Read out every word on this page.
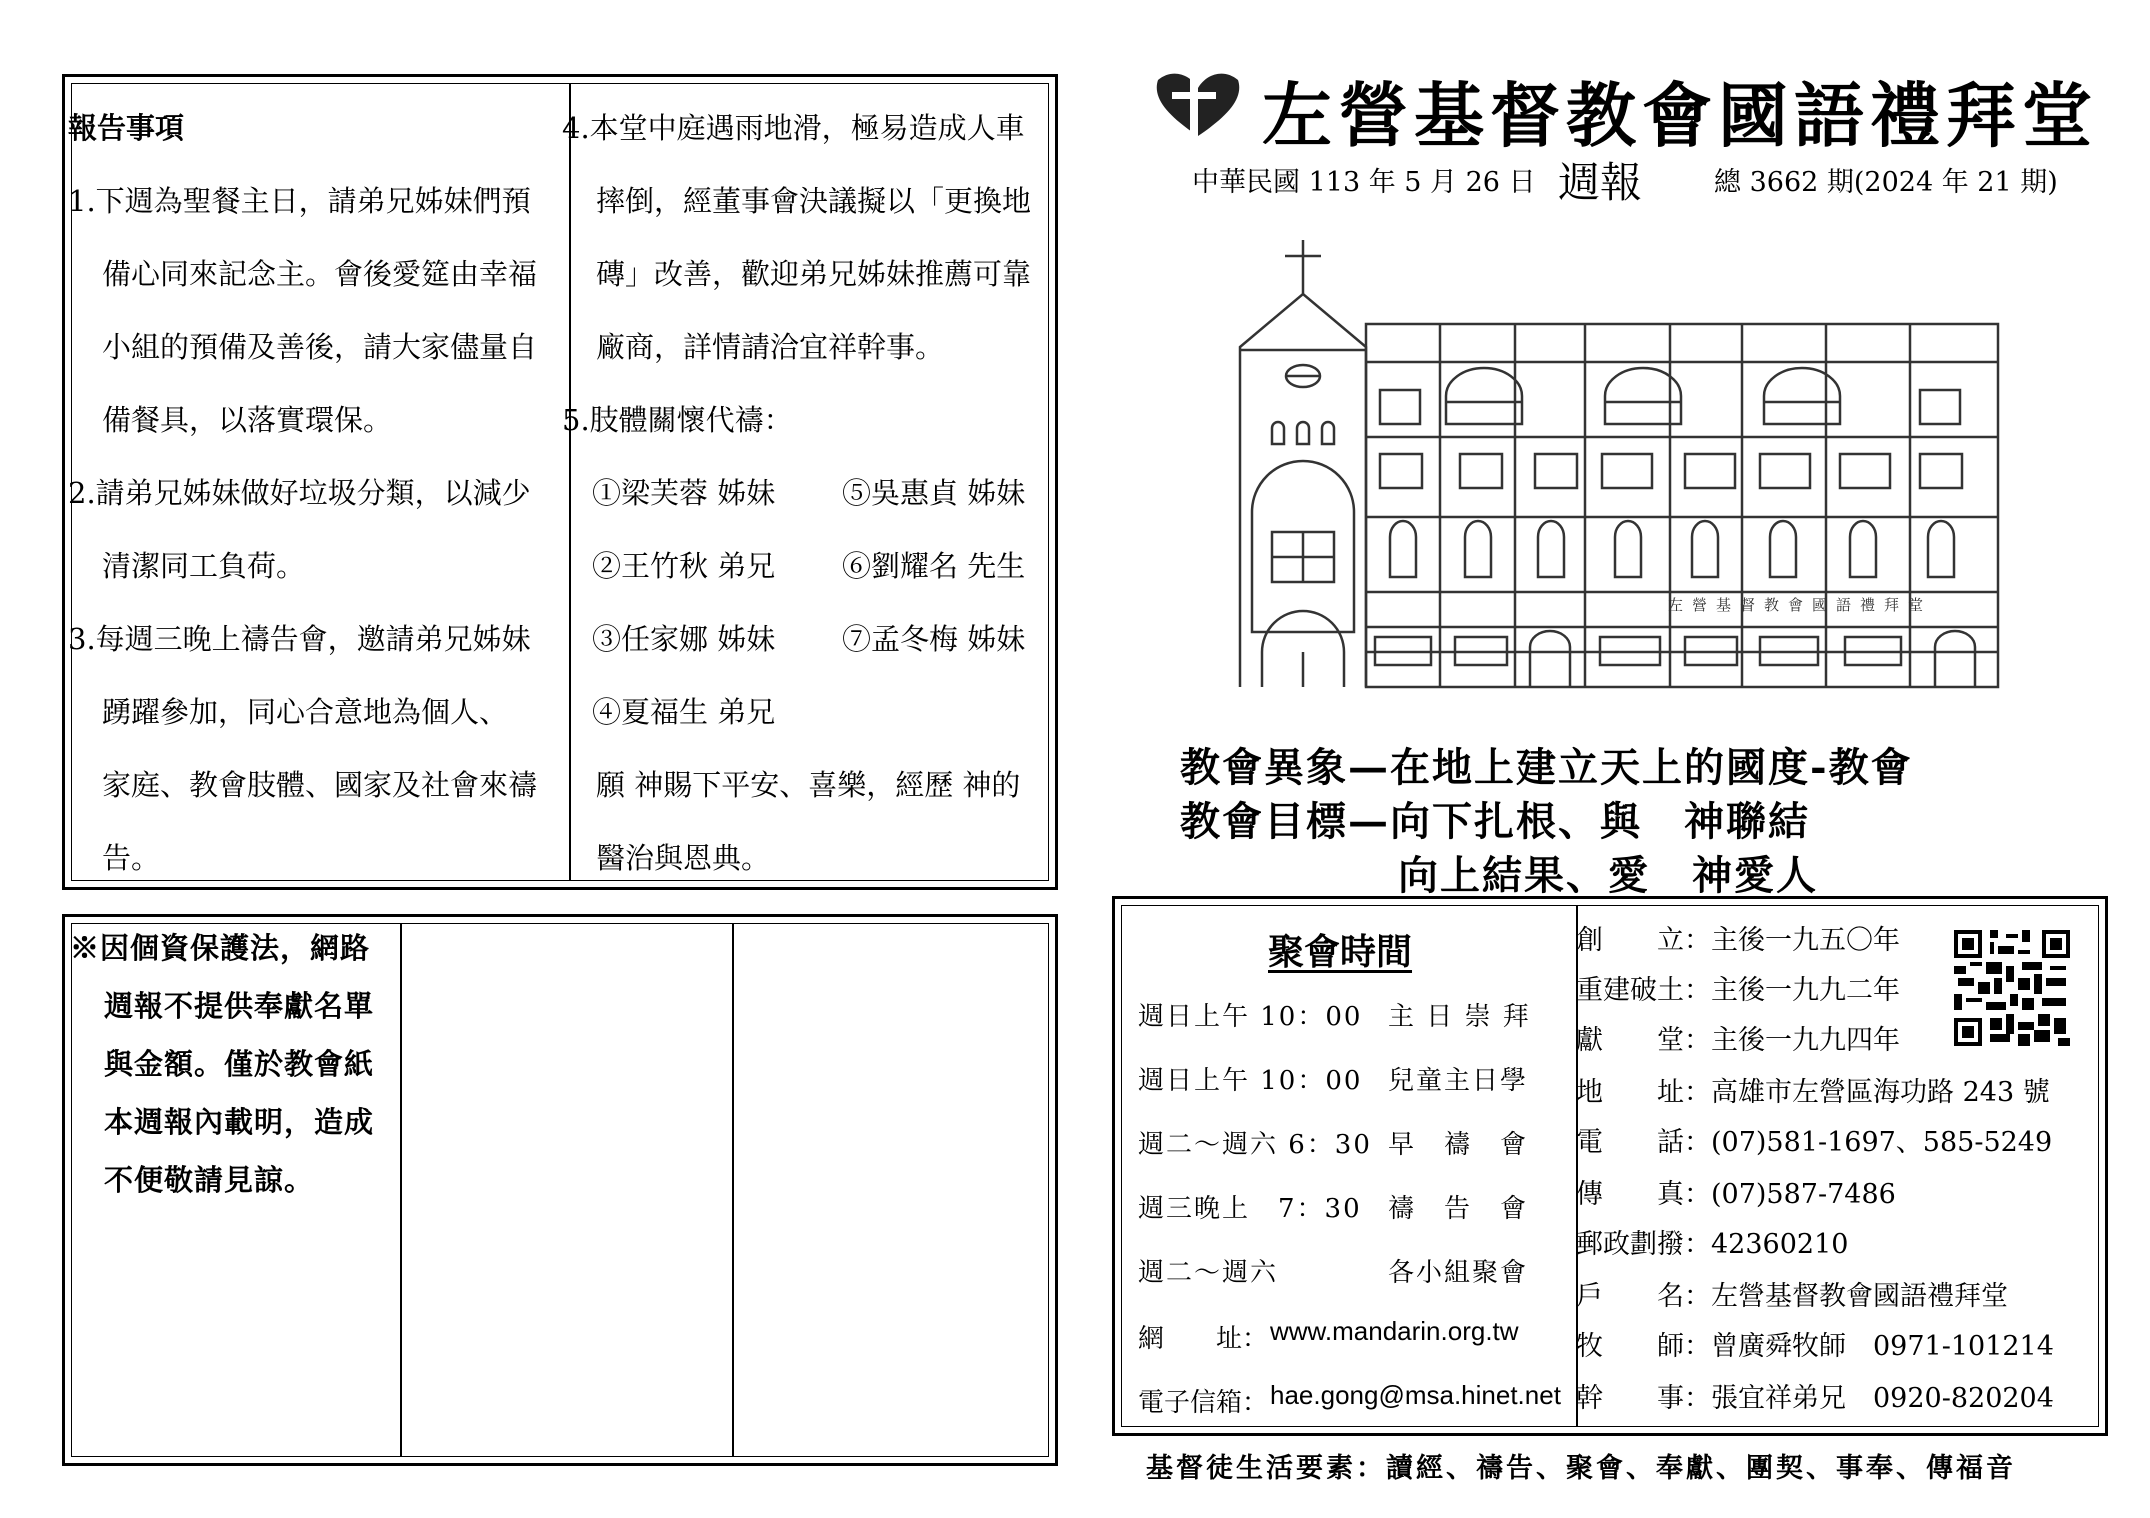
報告事項
1.下週為聖餐主日，請弟兄姊妹們預
備心同來記念主。會後愛筵由幸福
小組的預備及善後，請大家儘量自
備餐具，以落實環保。
2.請弟兄姊妹做好垃圾分類，以減少
清潔同工負荷。
3.每週三晚上禱告會，邀請弟兄姊妹
踴躍參加，同心合意地為個人、
家庭、教會肢體、國家及社會來禱
告。
4.本堂中庭遇雨地滑，極易造成人車
摔倒，經董事會決議擬以「更換地
磚」改善，歡迎弟兄姊妹推薦可靠
廠商，詳情請洽宜祥幹事。
5.肢體關懷代禱：
①梁芙蓉 姊妹 ⑤吳惠貞 姊妹
②王竹秋 弟兄 ⑥劉耀名 先生
③任家娜 姊妹 ⑦孟冬梅 姊妹
④夏福生 弟兄
願 神賜下平安、喜樂，經歷 神的
醫治與恩典。
※因個資保護法，網路
週報不提供奉獻名單
與金額。僅於教會紙
本週報內載明，造成
不便敬請見諒。
左營基督教會國語禮拜堂
中華民國 113 年 5 月 26 日 週報	總 3662 期(2024 年 21 期)
左營基督教會國語禮拜堂
教會異象—在地上建立天上的國度-教會
教會目標—向下扎根、與　神聯結
向上結果、愛　神愛人
聚會時間
週日上午 10：00 主 日 崇 拜
週日上午 10：00 兒童主日學
週二～週六 6：30 早　禱　會
週三晚上　7：30 禱　告　會
週二～週六	各小組聚會
網　　址： www.mandarin.org.tw
電子信箱： hae.gong@msa.hinet.net
創　　立：主後一九五〇年
重建破土：主後一九九二年
獻　　堂：主後一九九四年
地　　址：高雄市左營區海功路 243 號
電　　話：(07)581-1697、585-5249
傳　　真：(07)587-7486
郵政劃撥：42360210
戶　　名：左營基督教會國語禮拜堂
牧　　師：曾廣舜牧師　0971-101214
幹　　事：張宜祥弟兄　0920-820204
基督徒生活要素：讀經、禱告、聚會、奉獻、團契、事奉、傳福音
